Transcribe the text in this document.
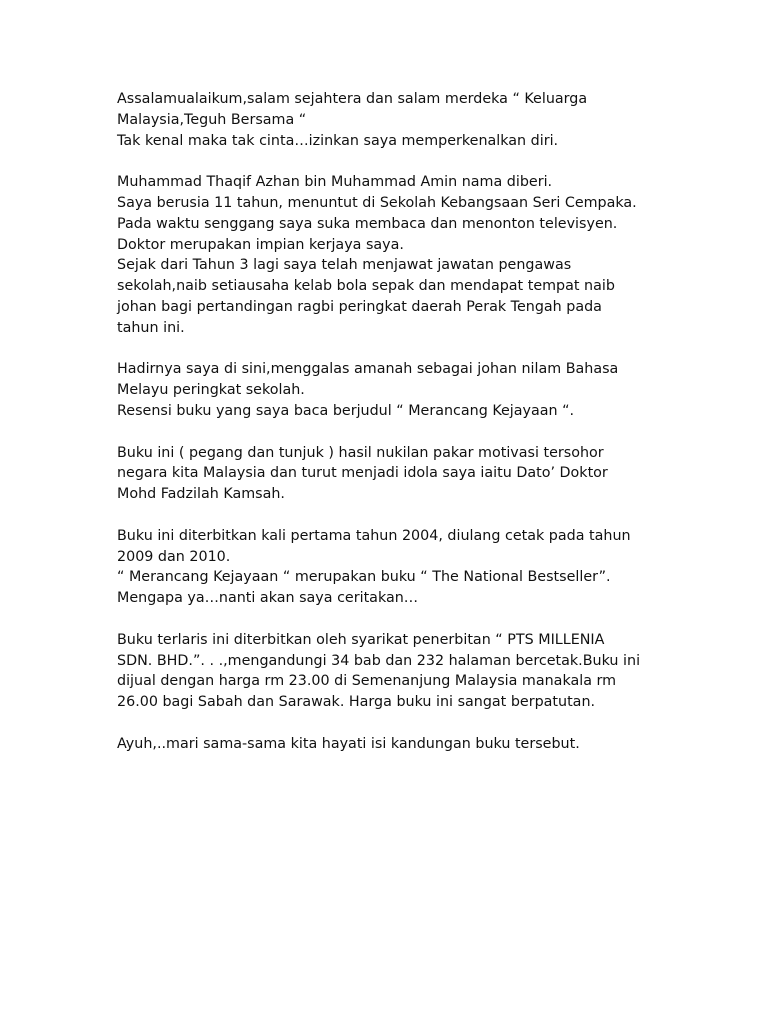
Assalamualaikum,salam sejahtera dan salam merdeka “ Keluarga
Malaysia,Teguh Bersama “
Tak kenal maka tak cinta…izinkan saya memperkenalkan diri.

Muhammad Thaqif Azhan bin Muhammad Amin nama diberi.
Saya berusia 11 tahun, menuntut di Sekolah Kebangsaan Seri Cempaka.
Pada waktu senggang saya suka membaca dan menonton televisyen.
Doktor merupakan impian kerjaya saya.
Sejak dari Tahun 3 lagi saya telah menjawat jawatan pengawas
sekolah,naib setiausaha kelab bola sepak dan mendapat tempat naib
johan bagi pertandingan ragbi peringkat daerah Perak Tengah pada
tahun ini.

Hadirnya saya di sini,menggalas amanah sebagai johan nilam Bahasa
Melayu peringkat sekolah.
Resensi buku yang saya baca berjudul “ Merancang Kejayaan “.

Buku ini ( pegang dan tunjuk ) hasil nukilan pakar motivasi tersohor
negara kita Malaysia dan turut menjadi idola saya iaitu Dato’ Doktor
Mohd Fadzilah Kamsah.

Buku ini diterbitkan kali pertama tahun 2004, diulang cetak pada tahun
2009 dan 2010.
“ Merancang Kejayaan “ merupakan buku “ The National Bestseller”.
Mengapa ya…nanti akan saya ceritakan…

Buku terlaris ini diterbitkan oleh syarikat penerbitan “ PTS MILLENIA
SDN. BHD.”. . .,mengandungi 34 bab dan 232 halaman bercetak.Buku ini
dijual dengan harga rm 23.00 di Semenanjung Malaysia manakala rm
26.00 bagi Sabah dan Sarawak. Harga buku ini sangat berpatutan.

Ayuh,..mari sama-sama kita hayati isi kandungan buku tersebut.
